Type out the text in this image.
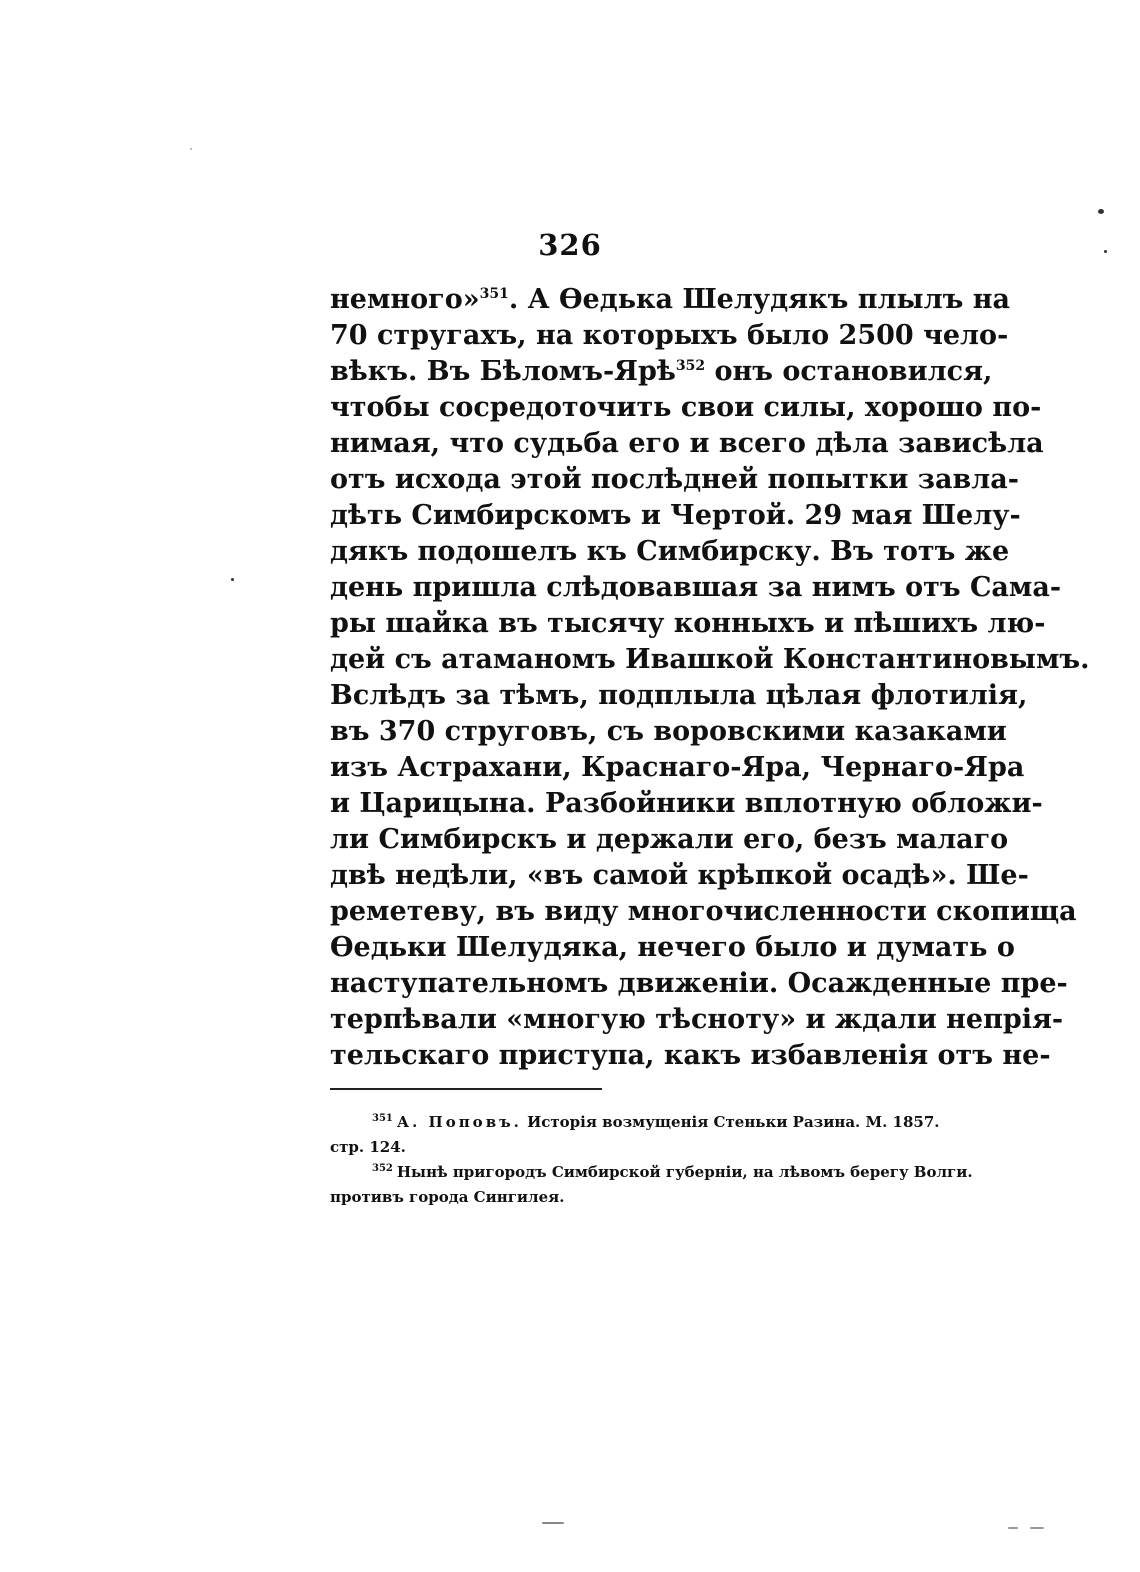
326
немного»$^{351}$. А Өедька Шелудякъ плылъ на
70 стругахъ, на которыхъ было 2500 чело-
вѣкъ. Въ Бѣломъ-Ярѣ$^{352}$ онъ остановился,
чтобы сосредоточить свои силы, хорошо по-
нимая, что судьба его и всего дѣла зависѣла
отъ исхода этой послѣдней попытки завла-
дѣть Симбирскомъ и Чертой. 29 мая Шелу-
дякъ подошелъ къ Симбирску. Въ тотъ же
день пришла слѣдовавшая за нимъ отъ Сама-
ры шайка въ тысячу конныхъ и пѣшихъ лю-
дей съ атаманомъ Ивашкой Константиновымъ.
Вслѣдъ за тѣмъ, подплыла цѣлая флотилія,
въ 370 струговъ, съ воровскими казаками
изъ Астрахани, Краснаго-Яра, Чернаго-Яра
и Царицына. Разбойники вплотную обложи-
ли Симбирскъ и держали его, безъ малаго
двѣ недѣли, «въ самой крѣпкой осадѣ». Ше-
реметеву, въ виду многочисленности скопища
Өедьки Шелудяка, нечего было и думать о
наступательномъ движеніи. Осажденные пре-
терпѣвали «многую тѣсноту» и ждали непрія-
тельскаго приступа, какъ избавленія отъ не-
$^{351}$ А. Поповъ. Исторія возмущенія Стеньки Разина. М. 1857.
стр. 124.
$^{352}$ Нынѣ пригородъ Симбирской губерніи, на лѣвомъ берегу Волги.
противъ города Сингилея.
